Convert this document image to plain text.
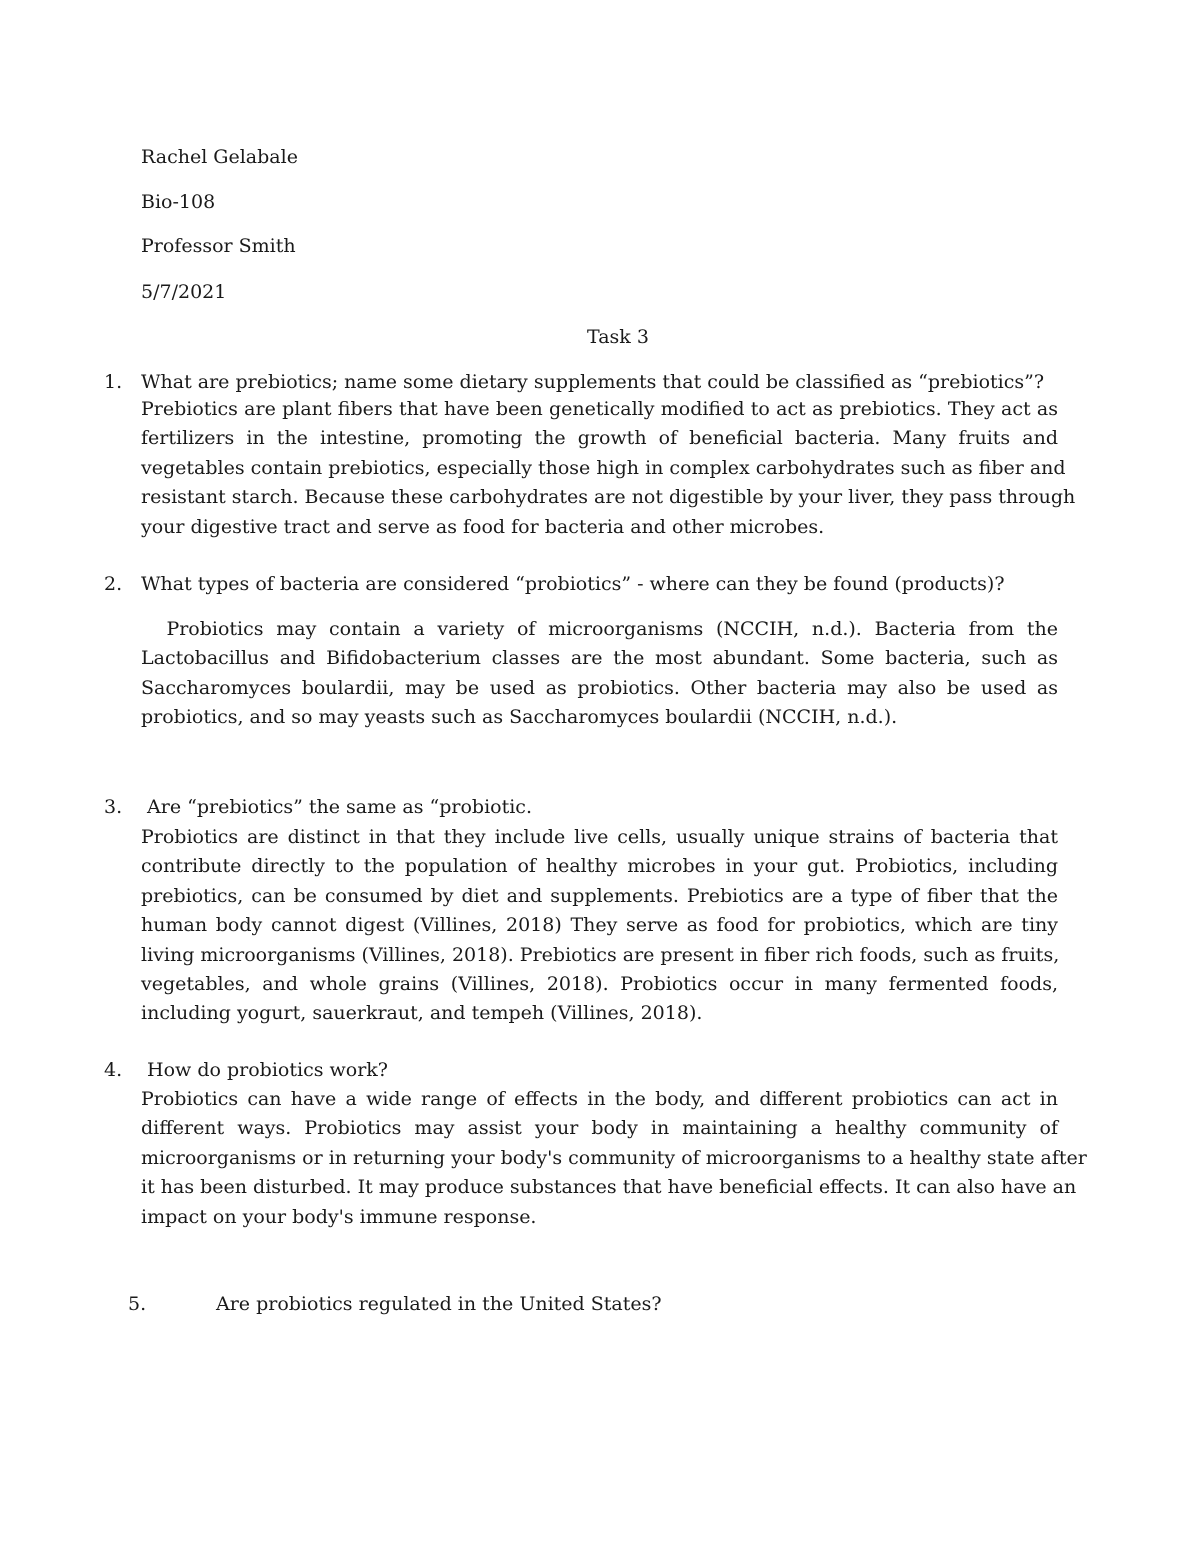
Rachel Gelabale
Bio-108
Professor Smith
5/7/2021
Task 3
1. What are prebiotics; name some dietary supplements that could be classified as “prebiotics”?
Prebiotics are plant fibers that have been genetically modified to act as prebiotics. They act as
fertilizers in the intestine, promoting the growth of beneficial bacteria. Many fruits and
vegetables contain prebiotics, especially those high in complex carbohydrates such as fiber and
resistant starch. Because these carbohydrates are not digestible by your liver, they pass through
your digestive tract and serve as food for bacteria and other microbes.
2. What types of bacteria are considered “probiotics” - where can they be found (products)?
Probiotics may contain a variety of microorganisms (NCCIH, n.d.). Bacteria from the
Lactobacillus and Bifidobacterium classes are the most abundant. Some bacteria, such as
Saccharomyces boulardii, may be used as probiotics. Other bacteria may also be used as
probiotics, and so may yeasts such as Saccharomyces boulardii (NCCIH, n.d.).
3. Are “prebiotics” the same as “probiotic.
Probiotics are distinct in that they include live cells, usually unique strains of bacteria that
contribute directly to the population of healthy microbes in your gut. Probiotics, including
prebiotics, can be consumed by diet and supplements. Prebiotics are a type of fiber that the
human body cannot digest (Villines, 2018) They serve as food for probiotics, which are tiny
living microorganisms (Villines, 2018). Prebiotics are present in fiber rich foods, such as fruits,
vegetables, and whole grains (Villines, 2018). Probiotics occur in many fermented foods,
including yogurt, sauerkraut, and tempeh (Villines, 2018).
4. How do probiotics work?
Probiotics can have a wide range of effects in the body, and different probiotics can act in
different ways. Probiotics may assist your body in maintaining a healthy community of
microorganisms or in returning your body's community of microorganisms to a healthy state after
it has been disturbed. It may produce substances that have beneficial effects. It can also have an
impact on your body's immune response.
5.	Are probiotics regulated in the United States?
